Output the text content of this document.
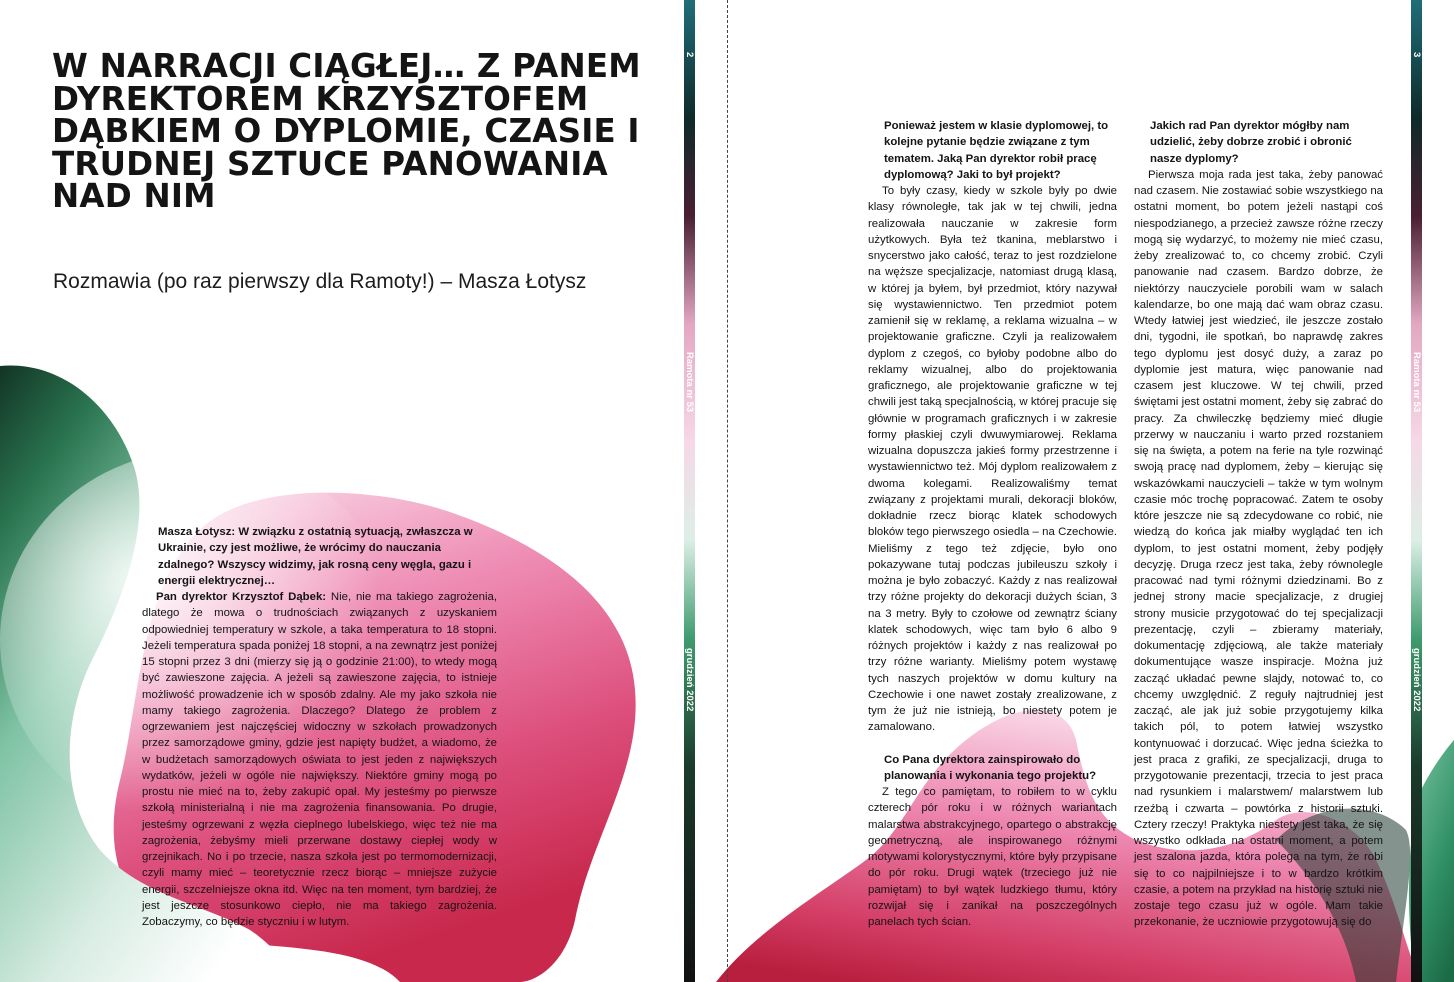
W NARRACJI CIĄGŁEJ… Z PANEM DYREKTOREM KRZYSZTOFEM DĄBKIEM O DYPLOMIE, CZASIE I TRUDNEJ SZTUCE PANOWANIA NAD NIM

Rozmawia (po raz pierwszy dla Ramoty!) – Masza Łotysz

Masza Łotysz: W związku z ostatnią sytuacją, zwłaszcza w Ukrainie, czy jest możliwe, że wrócimy do nauczania zdalnego? Wszyscy widzimy, jak rosną ceny węgla, gazu i energii elektrycznej…

Pan dyrektor Krzysztof Dąbek: Nie, nie ma takiego zagrożenia, dlatego że mowa o trudnościach związanych z uzyskaniem odpowiedniej temperatury w szkole, a taka temperatura to 18 stopni. Jeżeli temperatura spada poniżej 18 stopni, a na zewnątrz jest poniżej 15 stopni przez 3 dni (mierzy się ją o godzinie 21:00), to wtedy mogą być zawieszone zajęcia. A jeżeli są zawieszone zajęcia, to istnieje możliwość prowadzenie ich w sposób zdalny. Ale my jako szkoła nie mamy takiego zagrożenia. Dlaczego? Dlatego że problem z ogrzewaniem jest najczęściej widoczny w szkołach prowadzonych przez samorządowe gminy, gdzie jest napięty budżet, a wiadomo, że w budżetach samorządowych oświata to jest jeden z największych wydatków, jeżeli w ogóle nie największy. Niektóre gminy mogą po prostu nie mieć na to, żeby zakupić opał. My jesteśmy po pierwsze szkołą ministerialną i nie ma zagrożenia finansowania. Po drugie, jesteśmy ogrzewani z węzła cieplnego lubelskiego, więc też nie ma zagrożenia, żebyśmy mieli przerwane dostawy ciepłej wody w grzejnikach. No i po trzecie, nasza szkoła jest po termomodernizacji, czyli mamy mieć – teoretycznie rzecz biorąc – mniejsze zużycie energii, szczelniejsze okna itd. Więc na ten moment, tym bardziej, że jest jeszcze stosunkowo ciepło, nie ma takiego zagrożenia. Zobaczymy, co będzie styczniu i w lutym.

2
Ramota nr 53
grudzień 2022

Ponieważ jestem w klasie dyplomowej, to kolejne pytanie będzie związane z tym tematem. Jaką Pan dyrektor robił pracę dyplomową? Jaki to był projekt?

To były czasy, kiedy w szkole były po dwie klasy równoległe, tak jak w tej chwili, jedna realizowała nauczanie w zakresie form użytkowych. Była też tkanina, meblarstwo i snycerstwo jako całość, teraz to jest rozdzielone na węższe specjalizacje, natomiast drugą klasą, w której ja byłem, był przedmiot, który nazywał się wystawiennictwo. Ten przedmiot potem zamienił się w reklamę, a reklama wizualna – w projektowanie graficzne. Czyli ja realizowałem dyplom z czegoś, co byłoby podobne albo do reklamy wizualnej, albo do projektowania graficznego, ale projektowanie graficzne w tej chwili jest taką specjalnością, w której pracuje się głównie w programach graficznych i w zakresie formy płaskiej czyli dwuwymiarowej. Reklama wizualna dopuszcza jakieś formy przestrzenne i wystawiennictwo też. Mój dyplom realizowałem z dwoma kolegami. Realizowaliśmy temat związany z projektami murali, dekoracji bloków, dokładnie rzecz biorąc klatek schodowych bloków tego pierwszego osiedla – na Czechowie. Mieliśmy z tego też zdjęcie, było ono pokazywane tutaj podczas jubileuszu szkoły i można je było zobaczyć. Każdy z nas realizował trzy różne projekty do dekoracji dużych ścian, 3 na 3 metry. Były to czołowe od zewnątrz ściany klatek schodowych, więc tam było 6 albo 9 różnych projektów i każdy z nas realizował po trzy różne warianty. Mieliśmy potem wystawę tych naszych projektów w domu kultury na Czechowie i one nawet zostały zrealizowane, z tym że już nie istnieją, bo niestety potem je zamalowano.

Co Pana dyrektora zainspirowało do planowania i wykonania tego projektu?

Z tego co pamiętam, to robiłem to w cyklu czterech pór roku i w różnych wariantach malarstwa abstrakcyjnego, opartego o abstrakcję geometryczną, ale inspirowanego różnymi motywami kolorystycznymi, które były przypisane do pór roku. Drugi wątek (trzeciego już nie pamiętam) to był wątek ludzkiego tłumu, który rozwijał się i zanikał na poszczególnych panelach tych ścian.

Jakich rad Pan dyrektor mógłby nam udzielić, żeby dobrze zrobić i obronić nasze dyplomy?

Pierwsza moja rada jest taka, żeby panować nad czasem. Nie zostawiać sobie wszystkiego na ostatni moment, bo potem jeżeli nastąpi coś niespodzianego, a przecież zawsze różne rzeczy mogą się wydarzyć, to możemy nie mieć czasu, żeby zrealizować to, co chcemy zrobić. Czyli panowanie nad czasem. Bardzo dobrze, że niektórzy nauczyciele porobili wam w salach kalendarze, bo one mają dać wam obraz czasu. Wtedy łatwiej jest wiedzieć, ile jeszcze zostało dni, tygodni, ile spotkań, bo naprawdę zakres tego dyplomu jest dosyć duży, a zaraz po dyplomie jest matura, więc panowanie nad czasem jest kluczowe. W tej chwili, przed świętami jest ostatni moment, żeby się zabrać do pracy. Za chwileczkę będziemy mieć długie przerwy w nauczaniu i warto przed rozstaniem się na święta, a potem na ferie na tyle rozwinąć swoją pracę nad dyplomem, żeby – kierując się wskazówkami nauczycieli – także w tym wolnym czasie móc trochę popracować. Zatem te osoby które jeszcze nie są zdecydowane co robić, nie wiedzą do końca jak miałby wyglądać ten ich dyplom, to jest ostatni moment, żeby podjęły decyzję. Druga rzecz jest taka, żeby równolegle pracować nad tymi różnymi dziedzinami. Bo z jednej strony macie specjalizacje, z drugiej strony musicie przygotować do tej specjalizacji prezentację, czyli – zbieramy materiały, dokumentację zdjęciową, ale także materiały dokumentujące wasze inspiracje. Można już zacząć układać pewne slajdy, notować to, co chcemy uwzględnić. Z reguły najtrudniej jest zacząć, ale jak już sobie przygotujemy kilka takich pól, to potem łatwiej wszystko kontynuować i dorzucać. Więc jedna ścieżka to jest praca z grafiki, ze specjalizacji, druga to przygotowanie prezentacji, trzecia to jest praca nad rysunkiem i malarstwem/ malarstwem lub rzeźbą i czwarta – powtórka z historii sztuki. Cztery rzeczy! Praktyka niestety jest taka, że się wszystko odkłada na ostatni moment, a potem jest szalona jazda, która polega na tym, że robi się to co najpilniejsze i to w bardzo krótkim czasie, a potem na przykład na historię sztuki nie zostaje tego czasu już w ogóle. Mam takie przekonanie, że uczniowie przygotowują się do

3
Ramota nr 53
grudzień 2022
